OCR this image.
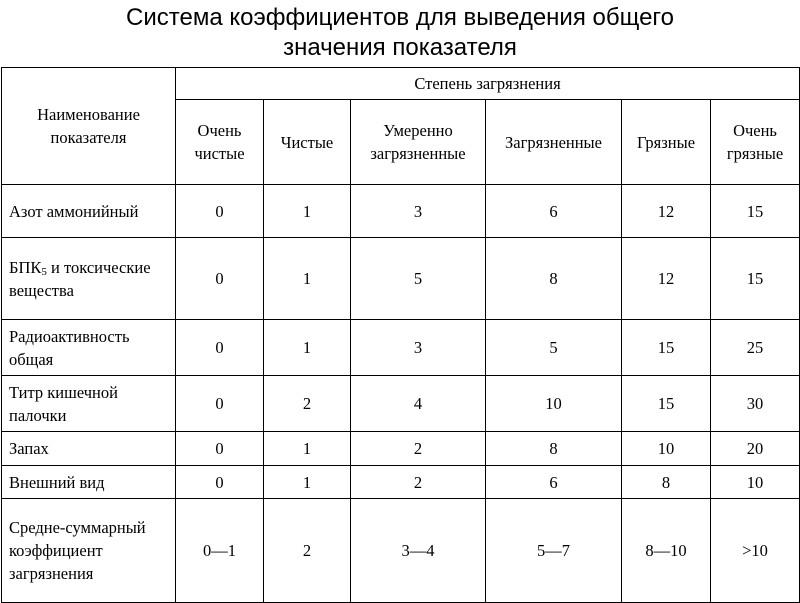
Система коэффициентов для выведения общего значения показателя
Наименование показателя	Степень загрязнения					
	Очень чистые	Чистые	Умеренно загрязненные	Загрязненные	Грязные	Очень грязные
Азот аммонийный	0	1	3	6	12	15
$БПК_5$ и токсические вещества	0	1	5	8	12	15
Радиоактивность общая	0	1	3	5	15	25
Титр кишечной палочки	0	2	4	10	15	30
Запах	0	1	2	8	10	20
Внешний вид	0	1	2	6	8	10
Средне-суммарный коэффициент загрязнения	0—1	2	3—4	5—7	8—10	>10
